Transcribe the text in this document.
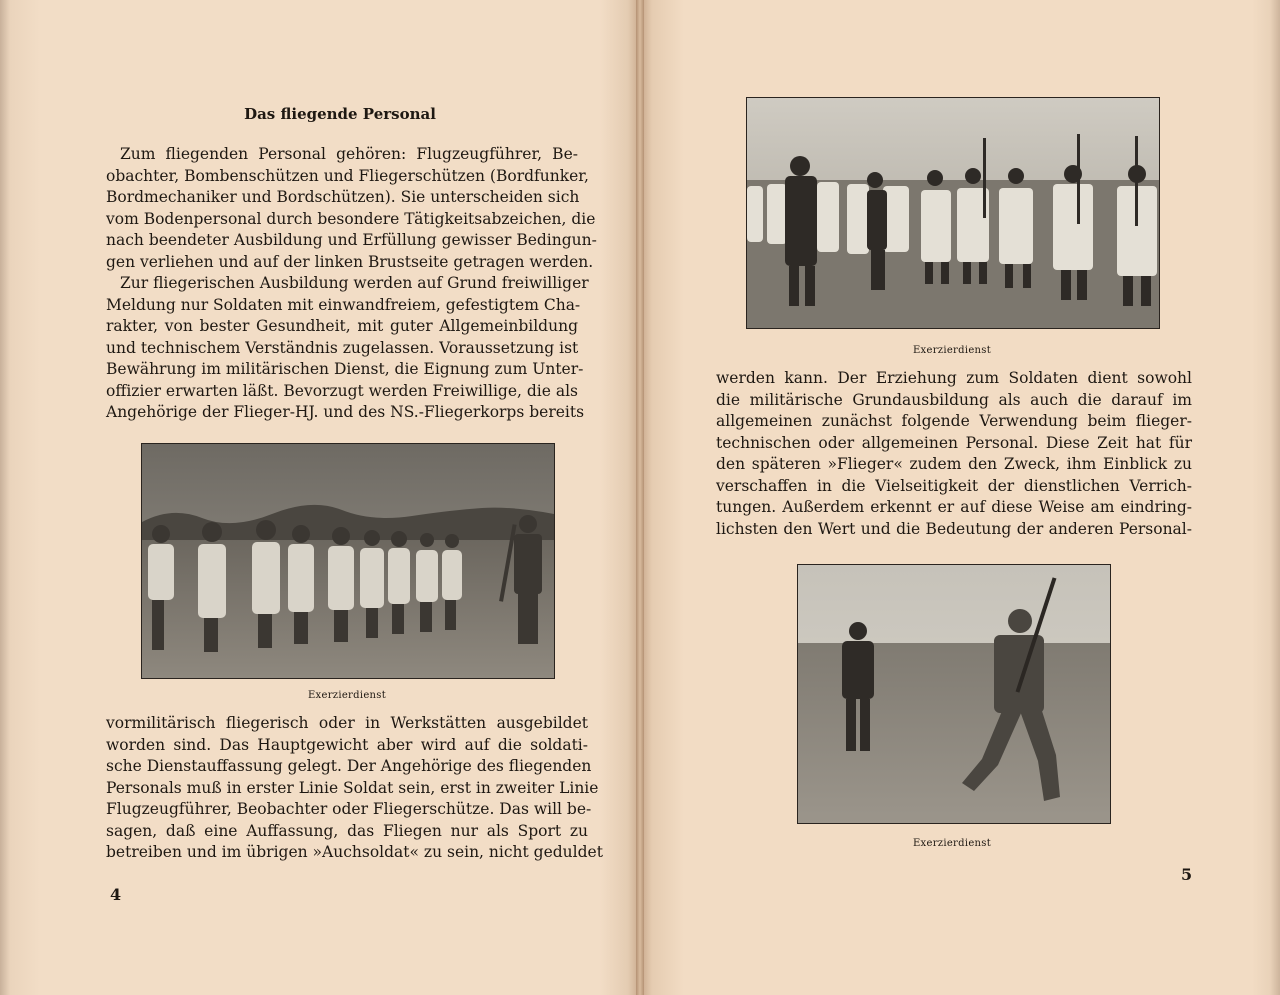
Das fliegende Personal
Zum fliegenden Personal gehören: Flugzeugführer, Be-
obachter, Bombenschützen und Fliegerschützen (Bordfunker,
Bordmechaniker und Bordschützen). Sie unterscheiden sich
vom Bodenpersonal durch besondere Tätigkeitsabzeichen, die
nach beendeter Ausbildung und Erfüllung gewisser Bedingun-
gen verliehen und auf der linken Brustseite getragen werden.
Zur fliegerischen Ausbildung werden auf Grund freiwilliger
Meldung nur Soldaten mit einwandfreiem, gefestigtem Cha-
rakter, von bester Gesundheit, mit guter Allgemeinbildung
und technischem Verständnis zugelassen. Voraussetzung ist
Bewährung im militärischen Dienst, die Eignung zum Unter-
offizier erwarten läßt. Bevorzugt werden Freiwillige, die als
Angehörige der Flieger-HJ. und des NS.-Fliegerkorps bereits
Exerzierdienst
vormilitärisch fliegerisch oder in Werkstätten ausgebildet
worden sind. Das Hauptgewicht aber wird auf die soldati-
sche Dienstauffassung gelegt. Der Angehörige des fliegenden
Personals muß in erster Linie Soldat sein, erst in zweiter Linie
Flugzeugführer, Beobachter oder Fliegerschütze. Das will be-
sagen, daß eine Auffassung, das Fliegen nur als Sport zu
betreiben und im übrigen »Auchsoldat« zu sein, nicht geduldet
4
Exerzierdienst
werden kann. Der Erziehung zum Soldaten dient sowohl
die militärische Grundausbildung als auch die darauf im
allgemeinen zunächst folgende Verwendung beim flieger-
technischen oder allgemeinen Personal. Diese Zeit hat für
den späteren »Flieger« zudem den Zweck, ihm Einblick zu
verschaffen in die Vielseitigkeit der dienstlichen Verrich-
tungen. Außerdem erkennt er auf diese Weise am eindring-
lichsten den Wert und die Bedeutung der anderen Personal-
Exerzierdienst
5
